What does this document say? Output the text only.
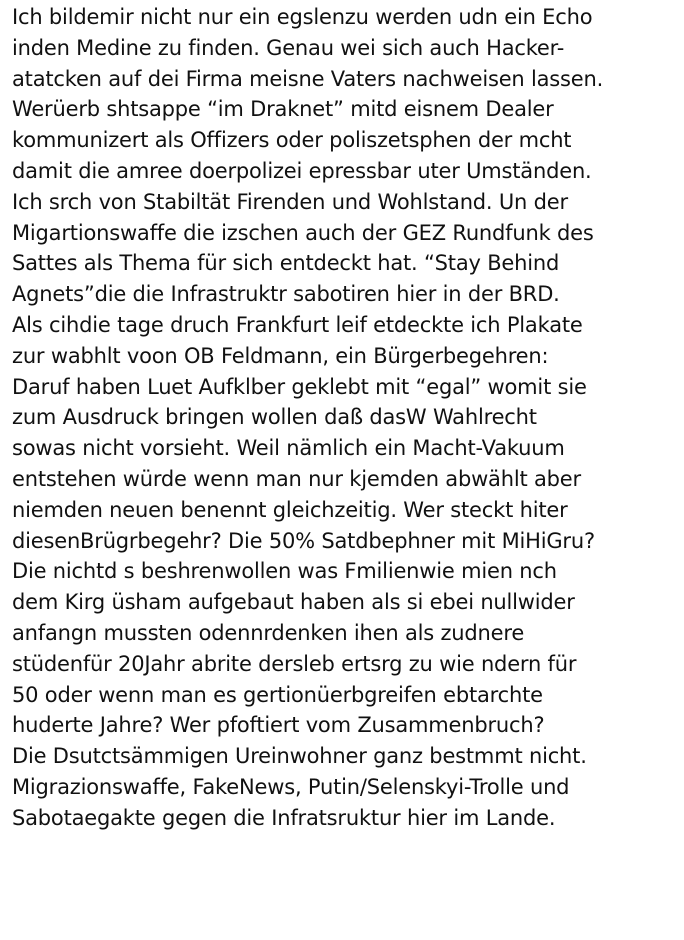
Ich bildemir nicht nur ein egslenzu werden udn ein Echo
inden Medine zu finden. Genau wei sich auch Hacker-
atatcken auf dei Firma meisne Vaters nachweisen lassen.
Werüerb shtsappe “im Draknet” mitd eisnem Dealer
kommunizert als Offizers oder poliszetsphen der mcht
damit die amree doerpolizei epressbar uter Umständen.
Ich srch von Stabiltät Firenden und Wohlstand. Un der
Migartionswaffe die izschen auch der GEZ Rundfunk des
Sattes als Thema für sich entdeckt hat. “Stay Behind
Agnets”die die Infrastruktr sabotiren hier in der BRD.
Als cihdie tage druch Frankfurt leif etdeckte ich Plakate
zur wabhlt voon OB Feldmann, ein Bürgerbegehren:
Daruf haben Luet Aufklber geklebt mit “egal” womit sie
zum Ausdruck bringen wollen daß dasW Wahlrecht
sowas nicht vorsieht. Weil nämlich ein Macht-Vakuum
entstehen würde wenn man nur kjemden abwählt aber
niemden neuen benennt gleichzeitig. Wer steckt hiter
diesenBrügrbegehr? Die 50% Satdbephner mit MiHiGru?
Die nichtd s beshrenwollen was Fmilienwie mien nch
dem Kirg üsham aufgebaut haben als si ebei nullwider
anfangn mussten odennrdenken ihen als zudnere
stüdenfür 20Jahr abrite dersleb ertsrg zu wie ndern für
50 oder wenn man es gertionüerbgreifen ebtarchte
huderte Jahre? Wer pfoftiert vom Zusammenbruch?
Die Dsutctsämmigen Ureinwohner ganz bestmmt nicht.
Migrazionswaffe, FakeNews, Putin/Selenskyi-Trolle und
Sabotaegakte gegen die Infratsruktur hier im Lande.
